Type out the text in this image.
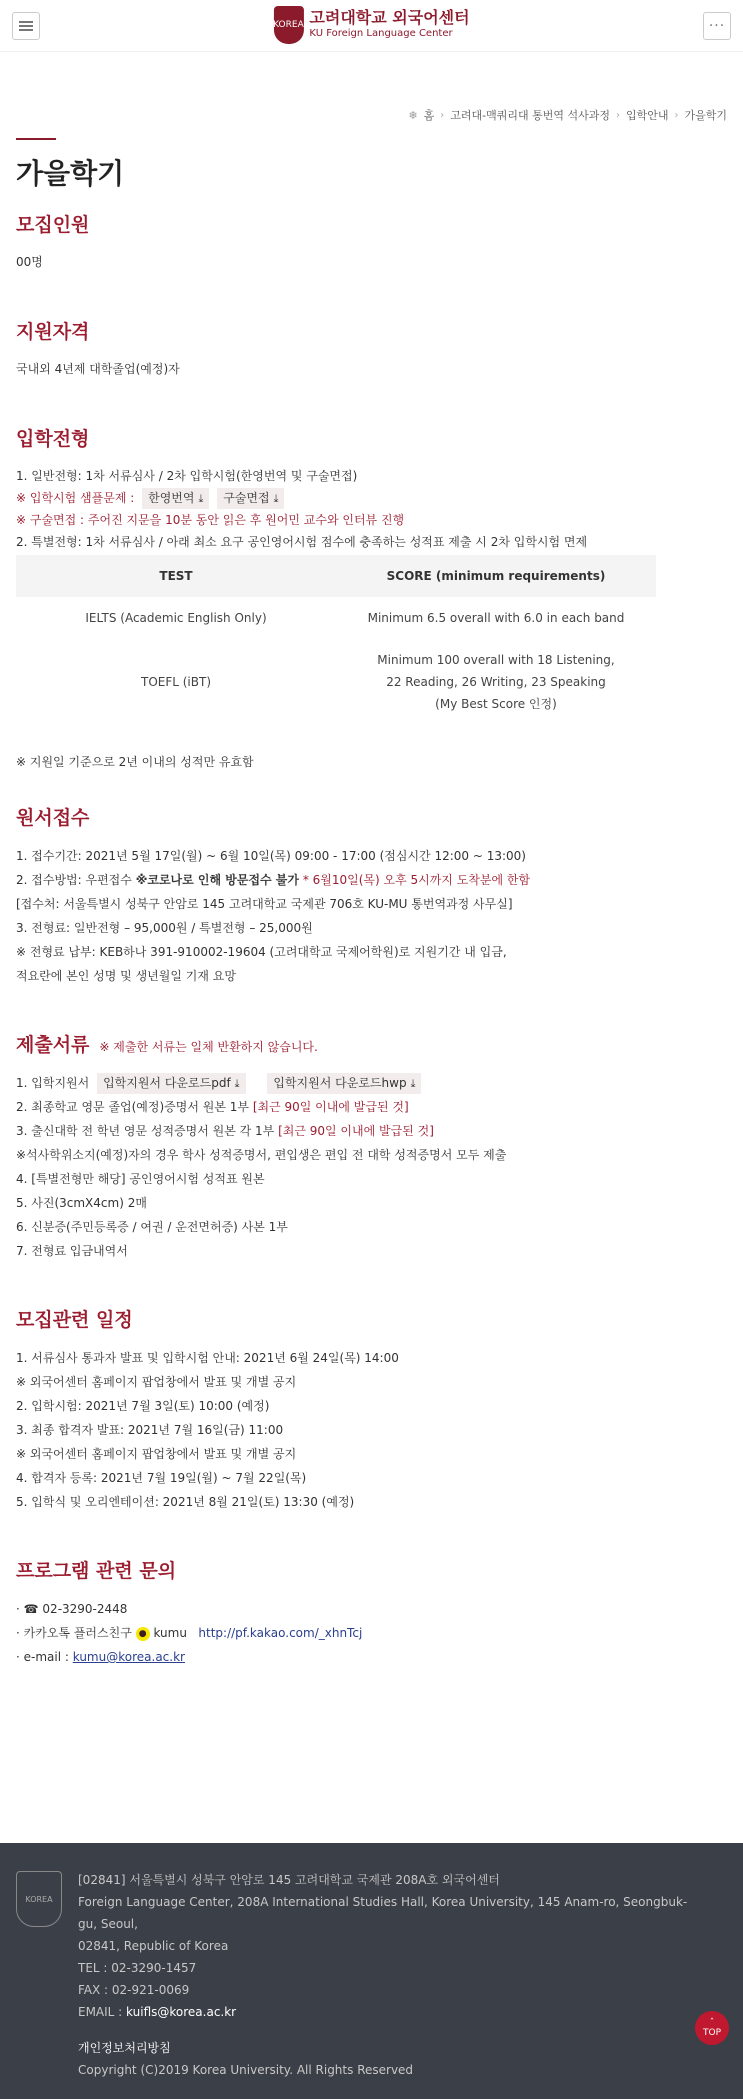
KOREA 고려대학교 외국어센터
KU Foreign Language Center	···
❄ 홈 › 고려대-맥쿼리대 통번역 석사과정 › 입학안내 › 가을학기
가을학기
모집인원
00명
지원자격
국내외 4년제 대학졸업(예정)자
입학전형
1. 일반전형: 1차 서류심사 / 2차 입학시험(한영번역 및 구술면접)
※ 입학시험 샘플문제 : 한영번역 ⤓ 구술면접 ⤓
※ 구술면접 : 주어진 지문을 10분 동안 읽은 후 원어민 교수와 인터뷰 진행
2. 특별전형: 1차 서류심사 / 아래 최소 요구 공인영어시험 점수에 충족하는 성적표 제출 시 2차 입학시험 면제
TEST	SCORE (minimum requirements)
IELTS (Academic English Only)	Minimum 6.5 overall with 6.0 in each band
TOEFL (iBT)	Minimum 100 overall with 18 Listening,
22 Reading, 26 Writing, 23 Speaking
(My Best Score 인정)
※ 지원일 기준으로 2년 이내의 성적만 유효함
원서접수
1. 접수기간: 2021년 5월 17일(월) ~ 6월 10일(목) 09:00 - 17:00 (점심시간 12:00 ~ 13:00)
2. 접수방법: 우편접수 ※코로나로 인해 방문접수 불가 * 6월10일(목) 오후 5시까지 도착분에 한함
[접수처: 서울특별시 성북구 안암로 145 고려대학교 국제관 706호 KU-MU 통번역과정 사무실]
3. 전형료: 일반전형 – 95,000원 / 특별전형 – 25,000원
※ 전형료 납부: KEB하나 391-910002-19604 (고려대학교 국제어학원)로 지원기간 내 입금,
적요란에 본인 성명 및 생년월일 기재 요망
제출서류 ※ 제출한 서류는 일체 반환하지 않습니다.
1. 입학지원서 입학지원서 다운로드pdf ⤓	입학지원서 다운로드hwp ⤓
2. 최종학교 영문 졸업(예정)증명서 원본 1부 [최근 90일 이내에 발급된 것]
3. 출신대학 전 학년 영문 성적증명서 원본 각 1부 [최근 90일 이내에 발급된 것]
※석사학위소지(예정)자의 경우 학사 성적증명서, 편입생은 편입 전 대학 성적증명서 모두 제출
4. [특별전형만 해당] 공인영어시험 성적표 원본
5. 사진(3cmX4cm) 2매
6. 신분증(주민등록증 / 여권 / 운전면허증) 사본 1부
7. 전형료 입금내역서
모집관련 일정
1. 서류심사 통과자 발표 및 입학시험 안내: 2021년 6월 24일(목) 14:00
※ 외국어센터 홈페이지 팝업창에서 발표 및 개별 공지
2. 입학시험: 2021년 7월 3일(토) 10:00 (예정)
3. 최종 합격자 발표: 2021년 7월 16일(금) 11:00
※ 외국어센터 홈페이지 팝업창에서 발표 및 개별 공지
4. 합격자 등록: 2021년 7월 19일(월) ~ 7월 22일(목)
5. 입학식 및 오리엔테이션: 2021년 8월 21일(토) 13:30 (예정)
프로그램 관련 문의
· ☎ 02-3290-2448
· 카카오톡 플러스친구 ● kumu http://pf.kakao.com/_xhnTcj
· e-mail : kumu@korea.ac.kr
KOREA
[02841] 서울특별시 성북구 안암로 145 고려대학교 국제관 208A호 외국어센터
Foreign Language Center, 208A International Studies Hall, Korea University, 145 Anam-ro, Seongbuk-gu, Seoul,
02841, Republic of Korea
TEL : 02-3290-1457
FAX : 02-921-0069
EMAIL : kuifls@korea.ac.kr
개인정보처리방침
Copyright (C)2019 Korea University. All Rights Reserved
ˆ
TOP
